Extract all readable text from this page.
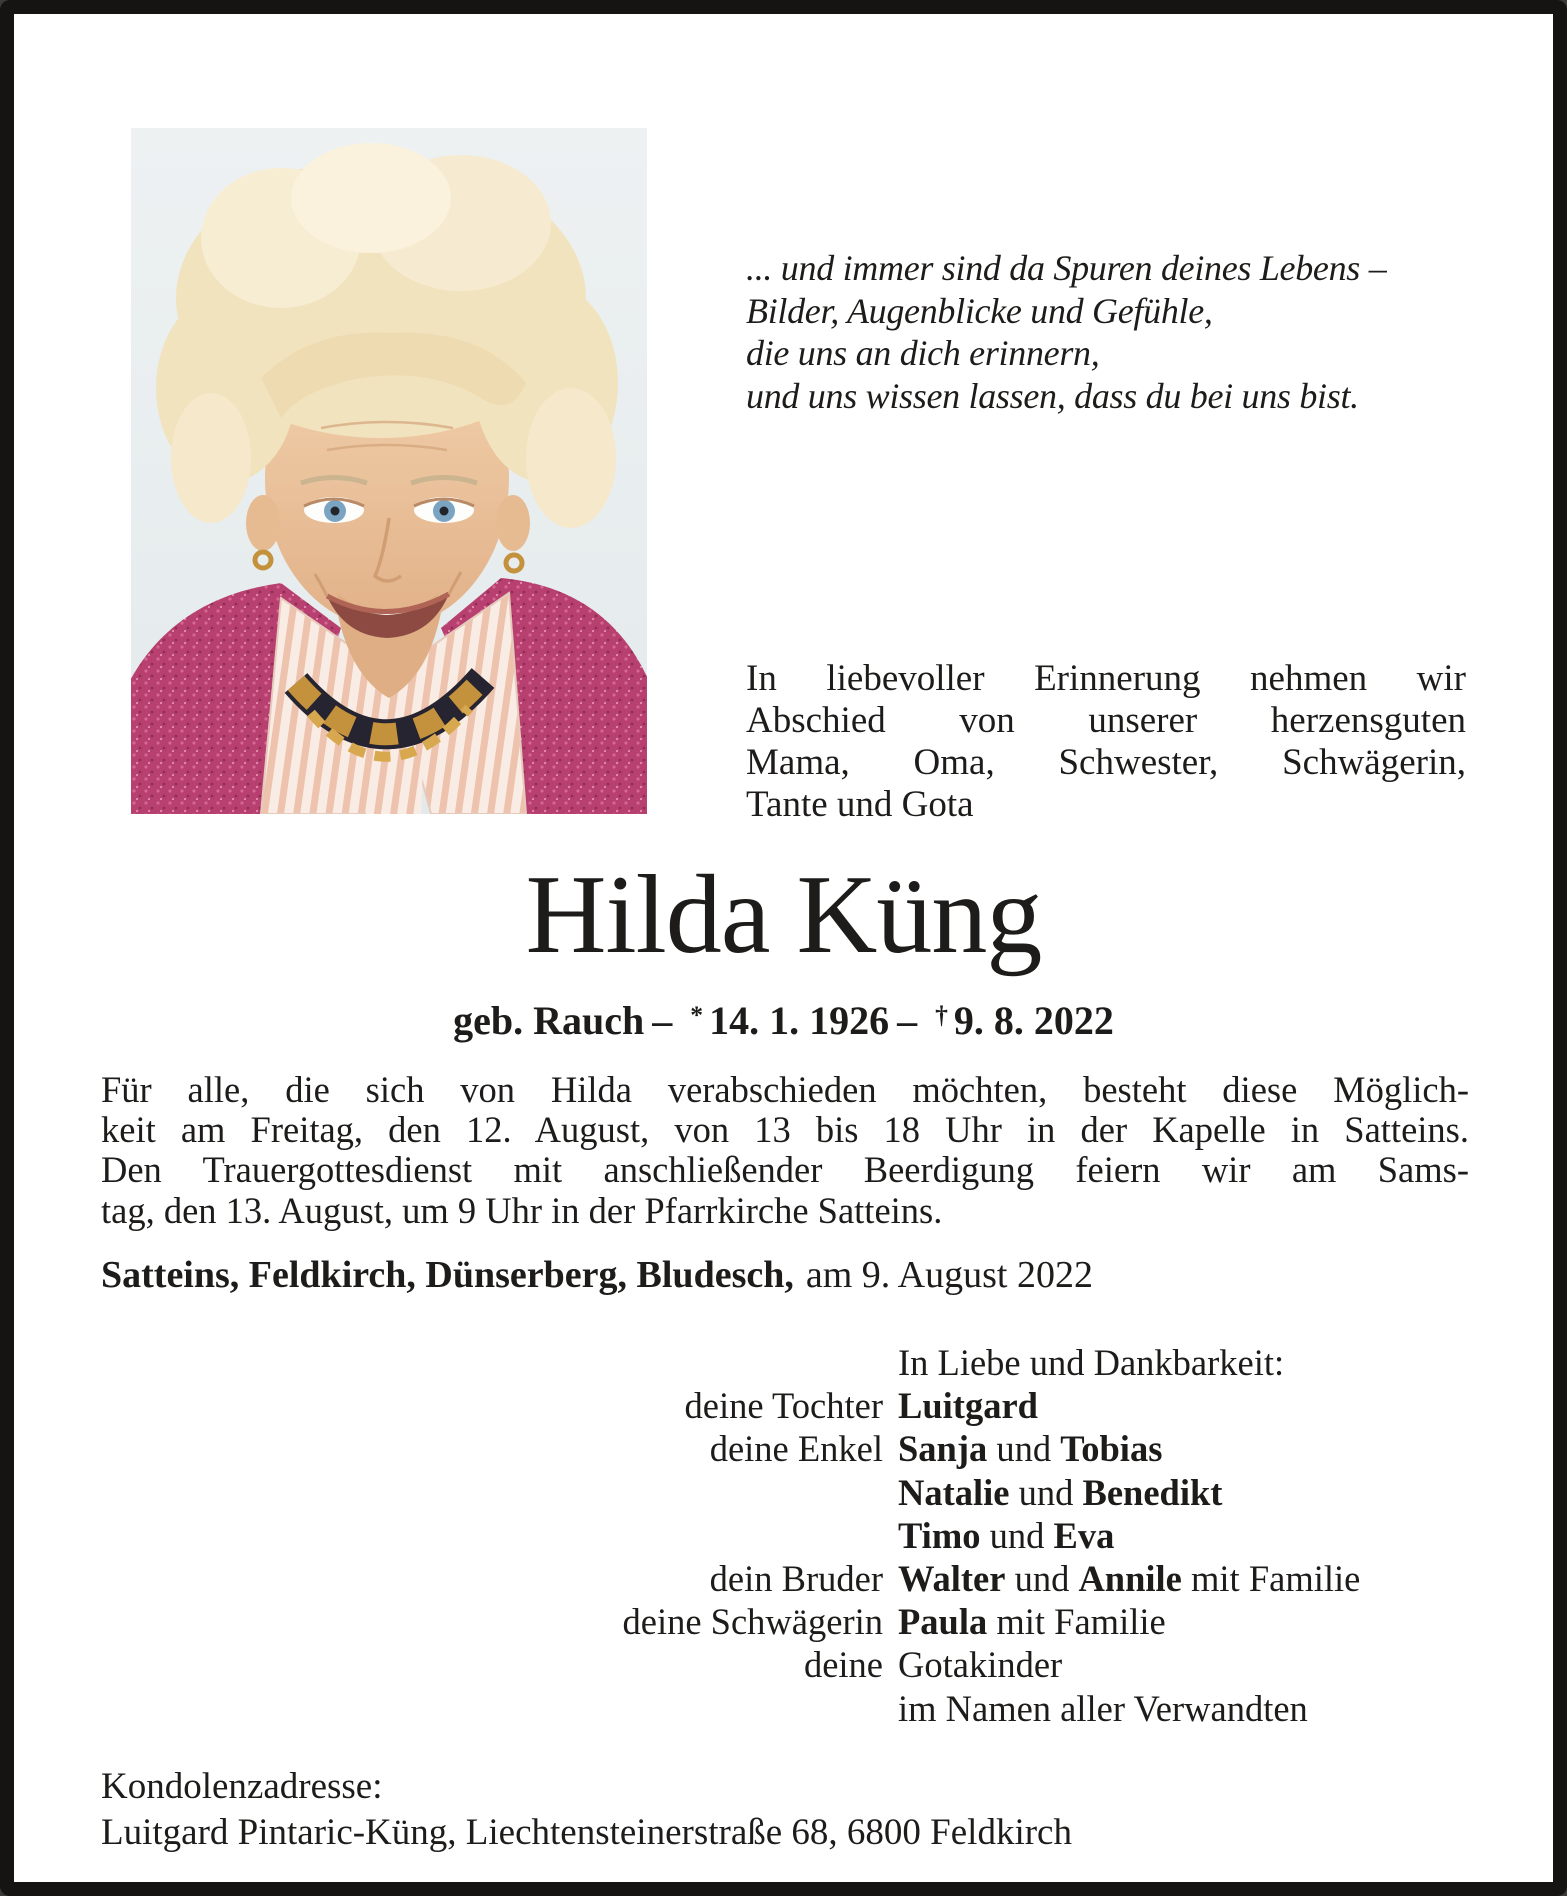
... und immer sind da Spuren deines Lebens –
Bilder, Augenblicke und Gefühle,
die uns an dich erinnern,
und uns wissen lassen, dass du bei uns bist.
In liebevoller Erinnerung nehmen wir
Abschied von unserer herzensguten
Mama, Oma, Schwester, Schwägerin,
Tante und Gota
Hilda Küng
geb. Rauch – * 14. 1. 1926 – † 9. 8. 2022
Für alle, die sich von Hilda verabschieden möchten, besteht diese Möglich-
keit am Freitag, den 12. August, von 13 bis 18 Uhr in der Kapelle in Satteins.
Den Trauergottesdienst mit anschließender Beerdigung feiern wir am Sams-
tag, den 13. August, um 9 Uhr in der Pfarrkirche Satteins.
Satteins, Feldkirch, Dünserberg, Bludesch, am 9. August 2022
In Liebe und Dankbarkeit:
deine Tochter Luitgard
deine Enkel Sanja und Tobias
Natalie und Benedikt
Timo und Eva
dein Bruder Walter und Annile mit Familie
deine Schwägerin Paula mit Familie
deine Gotakinder
im Namen aller Verwandten
Kondolenzadresse:
Luitgard Pintaric-Küng, Liechtensteinerstraße 68, 6800 Feldkirch
